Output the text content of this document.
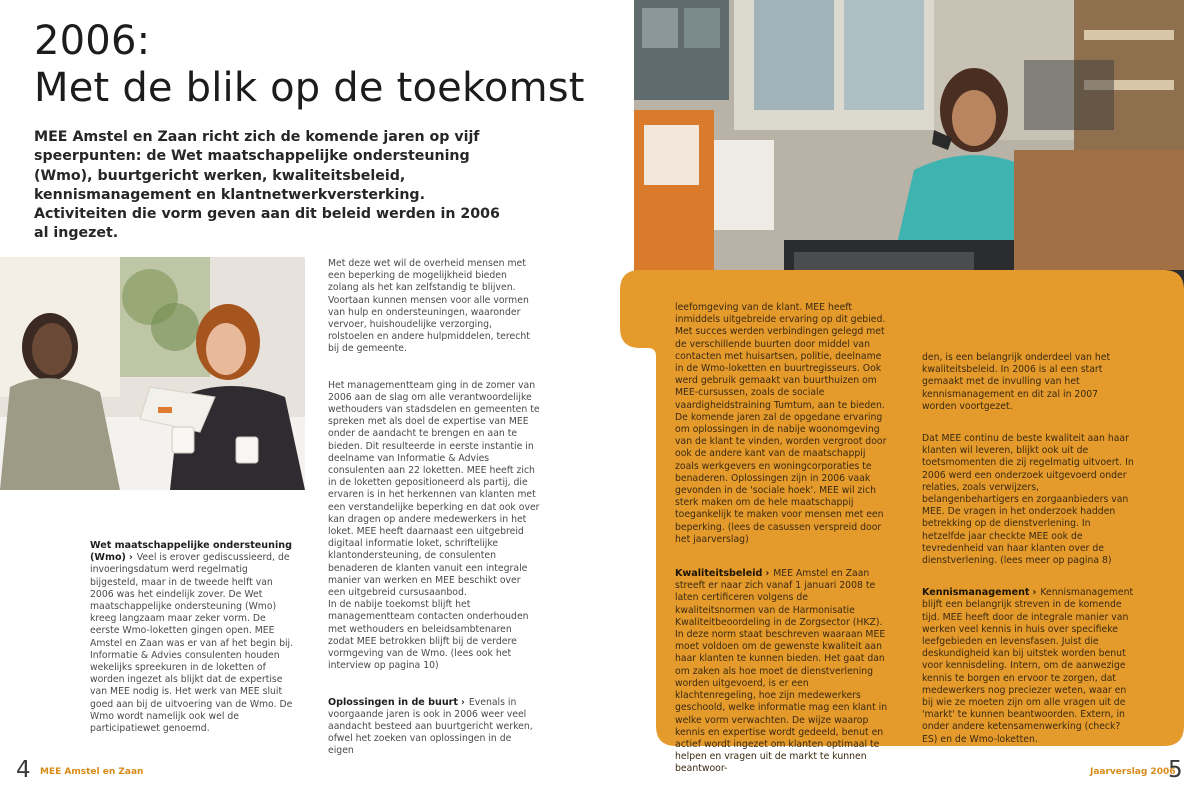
2006:
Met de blik op de toekomst
MEE Amstel en Zaan richt zich de komende jaren op vijf speerpunten: de Wet maatschappelijke ondersteuning (Wmo), buurtgericht werken, kwaliteitsbeleid, kennismanagement en klantnetwerkversterking. Activiteiten die vorm geven aan dit beleid werden in 2006 al ingezet.

Wet maatschappelijke ondersteuning (Wmo) › Veel is erover gediscussieerd, de invoeringsdatum werd regelmatig bijgesteld, maar in de tweede helft van 2006 was het eindelijk zover. De Wet maatschappelijke ondersteuning (Wmo) kreeg langzaam maar zeker vorm. De eerste Wmo-loketten gingen open. MEE Amstel en Zaan was er van af het begin bij. Informatie & Advies consulenten houden wekelijks spreekuren in de loketten of worden ingezet als blijkt dat de expertise van MEE nodig is. Het werk van MEE sluit goed aan bij de uitvoering van de Wmo. De Wmo wordt namelijk ook wel de participatiewet genoemd.

Met deze wet wil de overheid mensen met een beperking de mogelijkheid bieden zolang als het kan zelfstandig te blijven. Voortaan kunnen mensen voor alle vormen van hulp en ondersteuningen, waaronder vervoer, huishoudelijke verzorging, rolstoelen en andere hulpmiddelen, terecht bij de gemeente.

Het managementteam ging in de zomer van 2006 aan de slag om alle verantwoordelijke wethouders van stadsdelen en gemeenten te spreken met als doel de expertise van MEE onder de aandacht te brengen en aan te bieden. Dit resulteerde in eerste instantie in deelname van Informatie & Advies consulenten aan 22 loketten. MEE heeft zich in de loketten gepositioneerd als partij, die ervaren is in het herkennen van klanten met een verstandelijke beperking en dat ook over kan dragen op andere medewerkers in het loket. MEE heeft daarnaast een uitgebreid digitaal informatie loket, schriftelijke klantondersteuning, de consulenten benaderen de klanten vanuit een integrale manier van werken en MEE beschikt over een uitgebreid cursusaanbod.

In de nabije toekomst blijft het managementteam contacten onderhouden met wethouders en beleidsambtenaren zodat MEE betrokken blijft bij de verdere vormgeving van de Wmo. (lees ook het interview op pagina 10)

Oplossingen in de buurt › Evenals in voorgaande jaren is ook in 2006 weer veel aandacht besteed aan buurtgericht werken, ofwel het zoeken van oplossingen in de eigen

leefomgeving van de klant. MEE heeft inmiddels uitgebreide ervaring op dit gebied. Met succes werden verbindingen gelegd met de verschillende buurten door middel van contacten met huisartsen, politie, deelname in de Wmo-loketten en buurtregisseurs. Ook werd gebruik gemaakt van buurthuizen om MEE-cursussen, zoals de sociale vaardigheidstraining Tumtum, aan te bieden.

De komende jaren zal de opgedane ervaring om oplossingen in de nabije woonomgeving van de klant te vinden, worden vergroot door ook de andere kant van de maatschappij zoals werkgevers en woningcorporaties te benaderen. Oplossingen zijn in 2006 vaak gevonden in de 'sociale hoek'. MEE wil zich sterk maken om de hele maatschappij toegankelijk te maken voor mensen met een beperking. (lees de casussen verspreid door het jaarverslag)

Kwaliteitsbeleid › MEE Amstel en Zaan streeft er naar zich vanaf 1 januari 2008 te laten certificeren volgens de kwaliteitsnormen van de Harmonisatie Kwaliteitbeoordeling in de Zorgsector (HKZ). In deze norm staat beschreven waaraan MEE moet voldoen om de gewenste kwaliteit aan haar klanten te kunnen bieden. Het gaat dan om zaken als hoe moet de dienstverlening worden uitgevoerd, is er een klachtenregeling, hoe zijn medewerkers geschoold, welke informatie mag een klant in welke vorm verwachten. De wijze waarop kennis en expertise wordt gedeeld, benut en actief wordt ingezet om klanten optimaal te helpen en vragen uit de markt te kunnen beantwoor-

den, is een belangrijk onderdeel van het kwaliteitsbeleid. In 2006 is al een start gemaakt met de invulling van het kennismanagement en dit zal in 2007 worden voortgezet.

Dat MEE continu de beste kwaliteit aan haar klanten wil leveren, blijkt ook uit de toetsmomenten die zij regelmatig uitvoert. In 2006 werd een onderzoek uitgevoerd onder relaties, zoals verwijzers, belangenbehartigers en zorgaanbieders van MEE. De vragen in het onderzoek hadden betrekking op de dienstverlening. In hetzelfde jaar checkte MEE ook de tevredenheid van haar klanten over de dienstverlening. (lees meer op pagina 8)

Kennismanagement › Kennismanagement blijft een belangrijk streven in de komende tijd. MEE heeft door de integrale manier van werken veel kennis in huis over specifieke leefgebieden en levensfasen. Juist die deskundigheid kan bij uitstek worden benut voor kennisdeling. Intern, om de aanwezige kennis te borgen en ervoor te zorgen, dat medewerkers nog preciezer weten, waar en bij wie ze moeten zijn om alle vragen uit de 'markt' te kunnen beantwoorden. Extern, in onder andere ketensamenwerking (check? ES) en de Wmo-loketten.

4 MEE Amstel en Zaan	Jaarverslag 2006
5
